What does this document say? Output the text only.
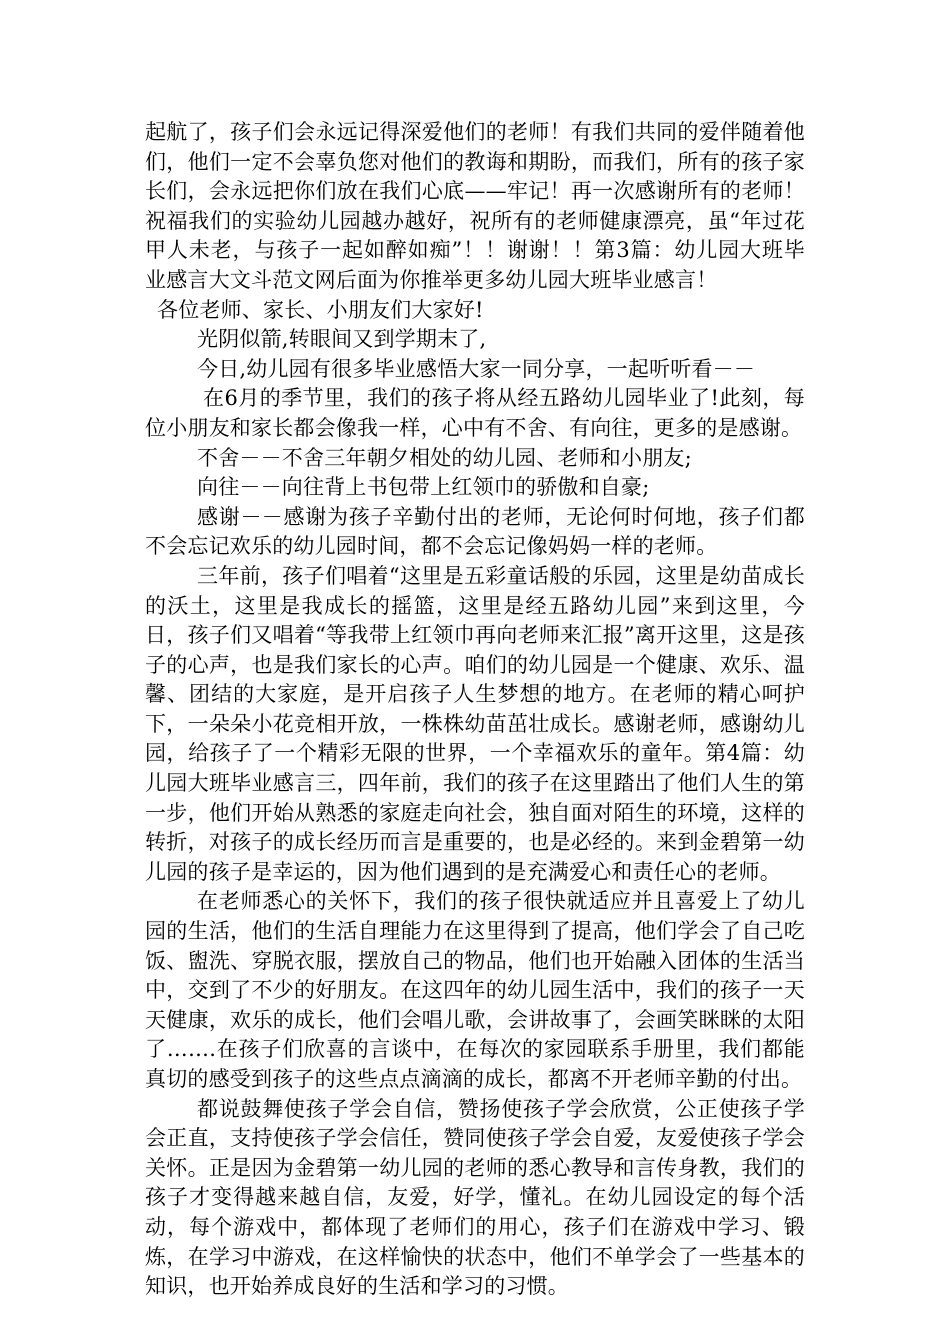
起航了，孩子们会永远记得深爱他们的老师！有我们共同的爱伴随着他们，他们一定不会辜负您对他们的教诲和期盼，而我们，所有的孩子家长们，会永远把你们放在我们心底——牢记！再一次感谢所有的老师！祝福我们的实验幼儿园越办越好，祝所有的老师健康漂亮，虽“年过花甲人未老，与孩子一起如醉如痴”！！谢谢！！第3篇：幼儿园大班毕业感言大文斗范文网后面为你推举更多幼儿园大班毕业感言！

各位老师、家长、小朋友们大家好!

光阴似箭,转眼间又到学期末了,

今日,幼儿园有很多毕业感悟大家一同分享，一起听听看－－

在6月的季节里，我们的孩子将从经五路幼儿园毕业了!此刻，每位小朋友和家长都会像我一样，心中有不舍、有向往，更多的是感谢。

不舍－－不舍三年朝夕相处的幼儿园、老师和小朋友;

向往－－向往背上书包带上红领巾的骄傲和自豪;

感谢－－感谢为孩子辛勤付出的老师，无论何时何地，孩子们都不会忘记欢乐的幼儿园时间，都不会忘记像妈妈一样的老师。

三年前，孩子们唱着“这里是五彩童话般的乐园，这里是幼苗成长的沃土，这里是我成长的摇篮，这里是经五路幼儿园”来到这里，今日，孩子们又唱着“等我带上红领巾再向老师来汇报”离开这里，这是孩子的心声，也是我们家长的心声。咱们的幼儿园是一个健康、欢乐、温馨、团结的大家庭，是开启孩子人生梦想的地方。在老师的精心呵护下，一朵朵小花竞相开放，一株株幼苗茁壮成长。感谢老师，感谢幼儿园，给孩子了一个精彩无限的世界，一个幸福欢乐的童年。第4篇：幼儿园大班毕业感言三，四年前，我们的孩子在这里踏出了他们人生的第一步，他们开始从熟悉的家庭走向社会，独自面对陌生的环境，这样的转折，对孩子的成长经历而言是重要的，也是必经的。来到金碧第一幼儿园的孩子是幸运的，因为他们遇到的是充满爱心和责任心的老师。

在老师悉心的关怀下，我们的孩子很快就适应并且喜爱上了幼儿园的生活，他们的生活自理能力在这里得到了提高，他们学会了自己吃饭、盥洗、穿脱衣服，摆放自己的物品，他们也开始融入团体的生活当中，交到了不少的好朋友。在这四年的幼儿园生活中，我们的孩子一天天健康，欢乐的成长，他们会唱儿歌，会讲故事了，会画笑眯眯的太阳了…….在孩子们欣喜的言谈中，在每次的家园联系手册里，我们都能真切的感受到孩子的这些点点滴滴的成长，都离不开老师辛勤的付出。

都说鼓舞使孩子学会自信，赞扬使孩子学会欣赏，公正使孩子学会正直，支持使孩子学会信任，赞同使孩子学会自爱，友爱使孩子学会关怀。正是因为金碧第一幼儿园的老师的悉心教导和言传身教，我们的孩子才变得越来越自信，友爱，好学，懂礼。在幼儿园设定的每个活动，每个游戏中，都体现了老师们的用心，孩子们在游戏中学习、锻炼，在学习中游戏，在这样愉快的状态中，他们不单学会了一些基本的知识，也开始养成良好的生活和学习的习惯。
